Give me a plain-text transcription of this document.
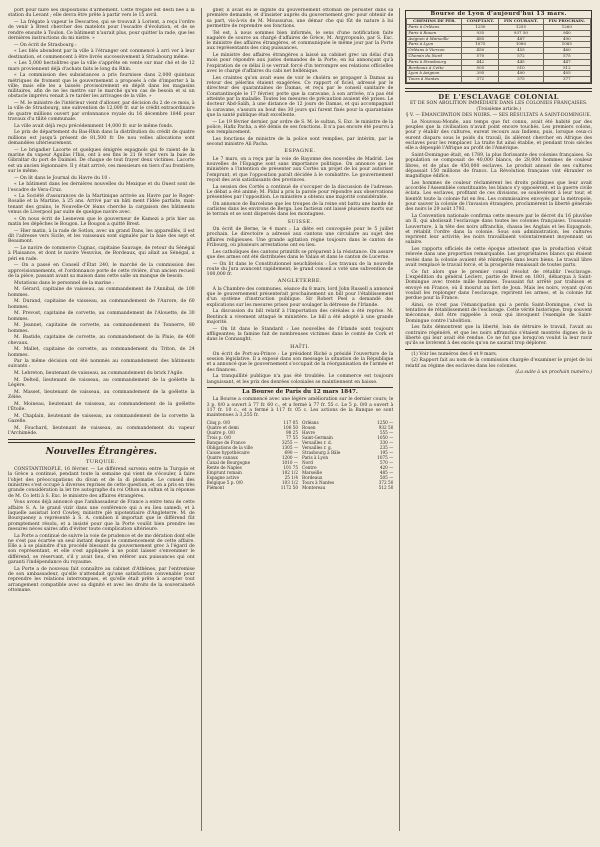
port pour faire ses dispositions d'armement. Cette frégate est desti née à la station du Levant ; elle devra être prête à partir vers le 15 avril.

— La frégate à vapeur le Descartes, qui se trouvait à Lorient, a reçu l'ordre de venir à Brest chercher des matelots pour l'escadre d'évolution, et de se rendre ensuite à Toulon. Ce bâtiment n'aurait plus, pour quitter la rade, que les dernières instructions du mi nistre. »

— On écrit de Strasbourg :

« Les blés abondent par la ville à l'étranger ont commencé à arri ver à leur destination, et commencent à être livrés successivement à Strasbourg même.

« Les 5,000 hectolitres que la ville s'apprête en vente sur mar ché et de 12 mars proviennent déjà d'achats faits le long du Rhin.

« La commission des subsistances a pris fournisse dans 2,000 quintaux métriques de froment que le gouvernement a proposés à cde d'importer à la ville; mais elle les a laissés provisoirement en dépôt dans les magasins militaires, afin de ne les mettre sur le marché qu'en cas de besoin et si un obstacle imprévu venait à re tarder les arrivages de la ville. »

— M. le ministre de l'intérieur vient d'allouer, par décision du 2 de ce mois, à la ville de Strasbourg, une subvention de 12,000 fr. sur le crédit extraordinaire de quatre millions ouvert par ordonnance royale du 16 décembre 1846 pour travaux d'u tilité communale.

La ville avait déjà reçu précédemment 14,000 fr. sur le même fonds.

Le prix de département du Bas-Rhin dans la distribution du crédit de quatre millions est jusqu'à présent de 81,500 fr. De nou velles allocations sont demandées ultérieurement.

— Le brigadier Lacorte et quelques émigrés espagnols qui fe raient de la marine du vapeur Aguilas l'Ibis, ont à ses fins le 21 fé vrier vers la baie de Gibraltar du port de Daimiel. De chaque de tout frayer deux victimes. Lacorte est un ancien légionnaire. Il y était arrivé, ces messieurs en tiers d'au frontière; sur le même.

— On lit dans le Journal du Havre du 10 :

« Le bâtiment dans les dernières nouvelles du Mexique et du Ouest sont de l'escadre de Vera-Cruz.

« La Société d'assurances de la Martinique arrivée au Havre par le Roger-Rosalie et la Martine, à 25 ans. Arrivé par un bâti ment l'Idée parfaite, mais tenant des grains, le Nouvelle-Or léans cherche la cargaison des bâtiments venus de Liverpool par suite de quelque navire avec.

« On nous écrit de Lesneven que le gouverneur de Kamezi a pris hier au matin les dépêches le Bougon. Le Bougon a quitté Brest.

— Hier matin, à la rade de Sotlon, avec un grand Dans, les appareillés, il est dit l'adresse vers Sicile, et les vaisseaux sont signalés par la baie des sept et Beaumont.

— Le navire de commerce Cugnac, capitaine Sauvage, de retour du Sénégal à Plaisance, et dont le navire Vesuvius, de Bordeaux, qui allait au Sénégal, a péri en rade.

— On a passé en Conseil d'État 240, le marché de la commission des approvisionnements, et l'ordonnance porte de cette rivière, d'un ancien recueil de la pièce, passant avant sa maison dans cette salle un manque de besoin.

Mutations dans le personnel de la marine :

M. Gérard, capitaine de vaisseau, au commandement de l'Annibal, de 100 hommes.

M. Durand, capitaine de vaisseau, au commandement de l'Aurore, de 60 hommes.

M. Prevost, capitaine de corvette, au commandement de l'Alouette, de 30 hommes.

M. Jeannet, capitaine de corvette, au commandement du Tonnerre, 80 hommes.

M. Bastide, capitaine de corvette, au commandement de la Pluie, de 400 chevaux.

M. Mallet, capitaine de corvette, au commandement du Triton, de 24 hommes.

Par la même décision ont été nommés au commandement des bâtiments suivants :

M. Lebreton, lieutenant de vaisseau, au commandement du brick l'Agile.

M. Delteil, lieutenant de vaisseau, au commandement de la goëlette la Légère.

M. Masset, lieutenant de vaisseau, au commandement de la goëlette la Zélée.

M. Moineau, lieutenant de vaisseau, au commandement de la goëlette l'Étoile.

M. Chaplain, lieutenant de vaisseau, au commandement de la corvette la Gazelle.

M. Fouchard, lieutenant de vaisseau, au commandement du vapeur l'Archimède.

Nouvelles Étrangères.
TURQUIE.

CONSTANTINOPLE, 16 février. — Le différend survenu entre la Turquie et la Grèce a continué, pendant toute la semaine qui vient de s'écouler, à faire l'objet des préoccupations du divan et de la di plomatie. Le conseil des ministres s'est occupé à diverses reprises de cette question, et on a pris en très grande considération la let tre autographe du roi Othon au sultan et la réponse de M. Co letti à S. Exc. le ministre des affaires étrangères.

Vous avons déjà annoncé que l'ambassadeur de France a entre tenu de cette affaire S. A. le grand vizir dans une conférence qui a eu lieu samedi, et à laquelle assistait lord Cowley, ministre plé nipotentiaire d'Angleterre. M. de Bourqueney a représenté à S. A. combien il importait que le différend fût promptement résolu, et a insisté pour que la Porte voulût bien prendre les mesures néces saires afin d'éviter toute complication ultérieure.

La Porte a continué de suivre la voie de prudence et de mo dération dont elle ne s'est pas écartée un seul instant depuis le commencement de cette affaire. Elle a à se plaindre d'un procédé blessant du gouvernement grec à l'égard de son représentant, et elle s'est appliquée à ne point laisser s'envenimer le différend, se réservant, s'il y avait lieu, d'en référer aux puissances qui ont garanti l'indépendance du royaume.

La Porte a de nouveau fait connaître au cabinet d'Athènes, par l'entremise de son ambassadeur, qu'elle n'attendait qu'une satisfaction convenable pour reprendre les relations interrompues, et qu'elle était prête à accepter tout arrangement compatible avec sa dignité et avec les droits de la souveraineté ottomane.

gner, il avait eu le dignité du gouvernement ottoman de persister dans sa première demande, et d'insister auprès du gouvernement grec pour obtenir de sa part, vis-à-vis de M. Moussurus, une démar che qui fût de nature à lui permettre de reprendre ses fonctions.

Tel est, à nous sommes bien informés, le sens d'une notification faite naguère de source au chargé d'affaires de Grèce, M. Argyropoulo, par S. Exc. le ministre des affaires étrangères, et communiquée le même jour par la Porte aux représentants des cinq puissances.

Le ministre des affaires étrangères a laissé au cabinet grec un délai d'un mois pour répondre aux justes demandes de la Porte, en lui annonçant qu'à l'expiration de ce délai il se verrait forcé d'in terrompre ses relations officielles avec le chargé d'affaires du cabi net hellénique.

Les craintes qu'on avait eues de voir le choléra se propager à Damas au retour des pèlerins étaient exagérées. Ce rapport of ficiel, adressé par le directeur des quarantaines de Damas, et reçu par le conseil sanitaire de Constantinople le 17 février, porte que la caravane, à son arrivée, n'a pas été atteinte par la maladie. Toutes les mesures de précaution avaient été prises. Le docteur Abd-Salih, à une distance de 12 jours de Damas, et qui accompagnait la caravane, s'assura au bout des 30 jours qui furent fixés pour la quarantaine que la santé publique était excellente.

— Le 19 février dernier, par ordre de S. M. le sultan, S. Exc. le ministre de la police, Hafiz Pacha, a été démis de ses fonctions. Il n'a pas encore été pourvu à son remplacement.

Les fonctions de ministre de la police sont remplies, par intérim, par le second ministre Ali Pacha.

ESPAGNE.

Le 7 mars, on a reçu par la voie de Bayonne des nouvelles de Madrid. Les nouvelles de l'Espagne sont sans importance politique. On annonce que le ministère a l'intention de présenter aux Cortès un projet de loi pour autoriser l'emprunt, et que l'opposition paraît décidée à le combattre. Le gouvernement reçoit des avis satisfaisants des provinces.

La session des Cortès a continué de s'occuper de la discussion de l'adresse. Le débat a été animé; M. Pidal a pris la parole pour répondre aux observations présentées par l'opposition. Le ministère a obtenu une majorité considérable.

On annonce de Barcelone que les troupes de la reine ont battu une bande de carlistes dans les environs de Berga. Les factieux ont laissé plusieurs morts sur le terrain et se sont dispersés dans les montagnes.

SUISSE.

On écrit de Berne, le 4 mars : La diète est convoquée pour le 5 juillet prochain. Le directoire a adressé aux cantons une circulaire au sujet des affaires religieuses. Une grande agitation règne toujours dans le canton de Fribourg, où plusieurs arrestations ont eu lieu.

Les catholiques des cantons primitifs se préparent à la résistance. On assure que des armes ont été distribuées dans le Valais et dans le canton de Lucerne.

— On lit dans le Constitutionnel neuchâtelois : Les travaux de la nouvelle route du Jura avancent rapidement; le grand conseil a voté une subvention de 100,000 fr.

ANGLETERRE.

À la Chambre des communes, séance du 8 mars, lord John Russell a annoncé que le gouvernement présenterait prochainement un bill pour l'établissement d'un système d'instruction publique. Sir Robert Peel a demandé des explications sur les mesures prises pour soulager la détresse de l'Irlande.

La discussion du bill relatif à l'importation des céréales a été reprise. M. Bentinck a vivement attaqué le ministère. Le bill a été adopté à une grande majorité.

— On lit dans le Standard : Les nouvelles de l'Irlande sont toujours affligeantes; la famine fait de nombreuses victimes dans le comté de Cork et dans le Connaught.

HAÏTI.

On écrit de Port-au-Prince : Le président Riché a présidé l'ouverture de la session législative. Il a exposé dans son message la situation de la République et a annoncé que le gouvernement s'occupait de la réorganisation de l'armée et des finances.

La tranquillité publique n'a pas été troublée. Le commerce est toujours languissant, et les prix des denrées coloniales se maintiennent en baisse.

La Bourse de Paris du 12 mars 1847.

La Bourse a commencé avec une légère amélioration sur le dernier cours; le 3 p. 0/0 a ouvert à 77 fr. 60 c., et a fermé à 77 fr. 55 c. Le 5 p. 0/0 a ouvert à 117 fr. 10 c., et a fermé à 117 fr. 05 c. Les actions de la Banque se sont maintenues à 3,255 fr.

Cinq p. 0/0	117 05
Quatre et demi	106 50
Quatre p. 0/0	98 25
Trois p. 0/0	77 55
Banque de France	3255 —
Obligations de la ville	1305 —
Caisse hypothécaire	690 —
Quatre canaux	1200 —
Canal de Bourgogne	1010 —
Rente de Naples	101 75
Emprunt romain	102 1/2
Espagne active	25 1/4
Belgique 5 p. 0/0	103 1/2
Piémont	1172 50
Orléans	1250 —
Rouen	932 50
Havre	555 —
Saint-Germain	1050 —
Versailles r. d.	330 —
Versailles r. g.	235 —
Strasbourg à Bâle	195 —
Paris à Lyon	1075 —
Nord	570 —
Centre	420 —
Marseille	485 —
Bordeaux	505 —
Tours à Nantes	372 50
Montereau	512 50
Bourse de Lyon d'aujourd'hui 13 mars.
CHEMINS DE FER.	COMPTANT.	FIN COURANT.	FIN PROCHAIN.
Paris à Orléans	1250	1255	1260
Paris à Rouen	935	937 50	940
Avignon à Marseille	485	487	490
Paris à Lyon	1075	1080	1085
Orléans à Vierzon	450	455	460
Chemin du Nord	570	572	575
Paris à Strasbourg	442	445	447
Bordeaux à Cette	505	510	512
Lyon à Avignon	395	400	405
Tours à Nantes	372	375	377
DE L'ESCLAVAGE COLONIAL
ET DE SON ABOLITION IMMÉDIATE DANS LES COLONIES FRANÇAISES.
(Troisième article.)
§ V. — ÉMANCIPATION DES NOIRS. — SES RÉSULTATS À SAINT-DOMINGUE.

Le Nouveau-Monde, aux temps que fut connu, avait été habité par des peuples que la civilisation n'avait point encore touchés. Les premiers colons, pour y établir des cultures, eurent recours aux Indiens, puis, lorsque ceux-ci eurent disparu sous le poids du travail, ils allèrent chercher en Afrique des esclaves pour les remplacer. La traite fut ainsi établie, et pendant trois siècles elle a dépeuplé l'Afrique au profit de l'Amérique.

Saint-Domingue était, en 1789, la plus florissante des colonies françaises. Sa population se composait de 40,000 blancs, de 28,000 hommes de couleur libres, et de plus de 450,000 esclaves. Le produit annuel de ses cultures dépassait 150 millions de francs. La Révolution française vint ébranler ce magnifique édifice.

Les hommes de couleur réclamèrent les droits politiques que leur avait accordés l'Assemblée constituante; les blancs s'y opposèrent, et la guerre civile éclata. Les esclaves, profitant de ces divisions, se soulevèrent à leur tour, et bientôt toute la colonie fut en feu. Les commissaires envoyés par la métropole, pour sauver la colonie de l'invasion étrangère, proclamèrent la liberté générale des noirs le 29 août 1793.

La Convention nationale confirma cette mesure par le décret du 16 pluviôse an II, qui abolissait l'esclavage dans toutes les colonies françaises. Toussaint-Louverture, à la tête des noirs affranchis, chassa les Anglais et les Espagnols, et rétablit l'ordre dans la colonie. Sous son administration, les cultures reprirent leur activité; les noirs travaillaient volontairement moyennant un salaire.

Les rapports officiels de cette époque attestent que la production s'était relevée dans une proportion remarquable. Les propriétaires blancs qui étaient restés dans la colonie avaient été réintégrés dans leurs biens. Le travail libre avait remplacé le travail forcé, et la prospérité renaissait de toutes parts.

Ce fut alors que le premier consul résolut de rétablir l'esclavage. L'expédition du général Leclerc, partie de Brest en 1801, débarqua à Saint-Domingue avec trente mille hommes. Toussaint fut arrêté par trahison et envoyé en France, où il mourut au fort de Joux. Mais les noirs, voyant qu'on voulait les replonger dans l'esclavage, reprirent les armes, et la colonie fut perdue pour la France.

Ainsi, ce n'est pas l'émancipation qui a perdu Saint-Domingue, c'est la tentative de rétablissement de l'esclavage. Cette vérité historique, trop souvent méconnue, doit être rappelée à ceux qui invoquent l'exemple de Saint-Domingue contre l'abolition.

Les faits démontrent que la liberté, loin de détruire le travail, l'avait au contraire régénéré, et que les noirs affranchis s'étaient montrés dignes de la liberté qui leur avait été rendue. Ce ne fut que lorsqu'on voulut la leur ravir qu'ils se livrèrent à des excès qu'on ne saurait trop déplorer.

(1) Voir les numéros des 6 et 9 mars.

(2) Rapport fait au nom de la commission chargée d'examiner le projet de loi relatif au régime des esclaves dans les colonies.

(La suite à un prochain numéro.)
